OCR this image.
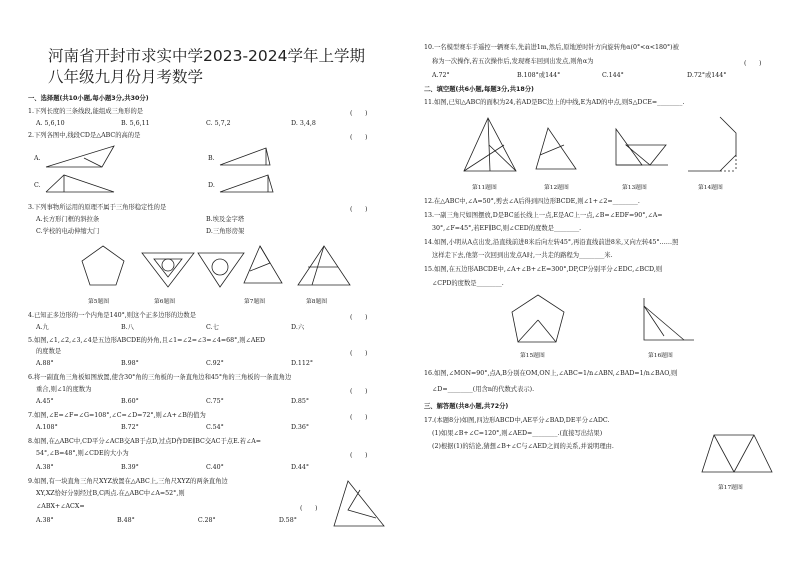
河南省开封市求实中学2023-2024学年上学期八年级九月份月考数学
一、选择题(共10小题,每小题3分,共30分)
1.下列长度的三条线段,能组成三角形的是	(　　)
A. 5,6,10	B. 5,6,11	C. 5,7,2	D. 3,4,8
2.下列各图中,线段CD是△ABC的高的是	(　　)
A.	B.
C.	D.
3.下列事物所运用的原理不属于三角形稳定性的是	(　　)
A.长方形门框的斜拉条	B.埃及金字塔
C.学校的电动伸缩大门	D.三角形房架
第5题图	第6题图	第7题图	第8题图
4.已知正多边形的一个内角是140°,则这个正多边形的边数是	(　　)
A.九	B.八	C.七	D.六
5.如图,∠1,∠2,∠3,∠4是五边形ABCDE的外角,且∠1=∠2=∠3=∠4=68°,则∠AED
的度数是	(　　)
A.88°	B.98°	C.92°	D.112°
6.将一副直角三角板如图放置,使含30°角的三角板的一条直角边和45°角的三角板的一条直角边
重合,则∠1的度数为	(　　)
A.45°	B.60°	C.75°	D.85°
7.如图,∠E=∠F=∠G=108°,∠C=∠D=72°,则∠A+∠B的值为	(　　)
A.108°	B.72°	C.54°	D.36°
8.如图,在△ABC中,CD平分∠ACB交AB于点D,过点D作DE∥BC交AC于点E.若∠A=
54°,∠B=48°,则∠CDE的大小为	(　　)
A.38°	B.39°	C.40°	D.44°
9.如图,有一块直角三角尺XYZ放置在△ABC上,三角尺XYZ的两条直角边
XY,XZ恰好分别经过B,C两点.在△ABC中∠A=52°,则
∠ABX+∠ACX=	(　　)
A.38°	B.48°	C.28°	D.58°
10.一名模型赛车手遥控一辆赛车,先前进1m,然后,原地逆时针方向旋转角α(0°<α<180°)被
称为一次操作,若五次操作后,发现赛车回到出发点,则角α为	(　　)
A.72°	B.108°或144°	C.144°	D.72°或144°
二、填空题(共6小题,每题3分,共18分)
11.如图,已知△ABC的面积为24,若AD是BC边上的中线,E为AD的中点,则S△DCE=________.
第11题图	第12题图	第13题图	第14题图
12.在△ABC中,∠A=50°,剪去∠A后得到四边形BCDE,则∠1+∠2=________.
13.一副三角尺如图摆放,D是BC延长线上一点,E是AC上一点,∠B=∠EDF=90°,∠A=
30°,∠F=45°,若EF∥BC,则∠CED的度数是________.
14.如图,小明从A点出发,沿直线前进8米后向左转45°,再沿直线前进8米,又向左转45°……照
这样走下去,他第一次回到出发点A时,一共走的路程为________米.
15.如图,在五边形ABCDE中,∠A+∠B+∠E=300°,DP,CP分别平分∠EDC,∠BCD,则
∠CPD的度数是________.
第15题图	第16题图
16.如图,∠MON=90°,点A,B分别在OM,ON上,∠ABC=1/n∠ABN,∠BAD=1/n∠BAO,则
∠D=________(用含n的代数式表示).
三、解答题(共8小题,共72分)
17.(本题8分)如图,四边形ABCD中,AE平分∠BAD,DE平分∠ADC.
(1)如果∠B+∠C=120°,则∠AED=________.(直接写出结果)
(2)根据(1)的结论,猜想∠B+∠C与∠AED之间的关系,并说明理由.
第17题图
